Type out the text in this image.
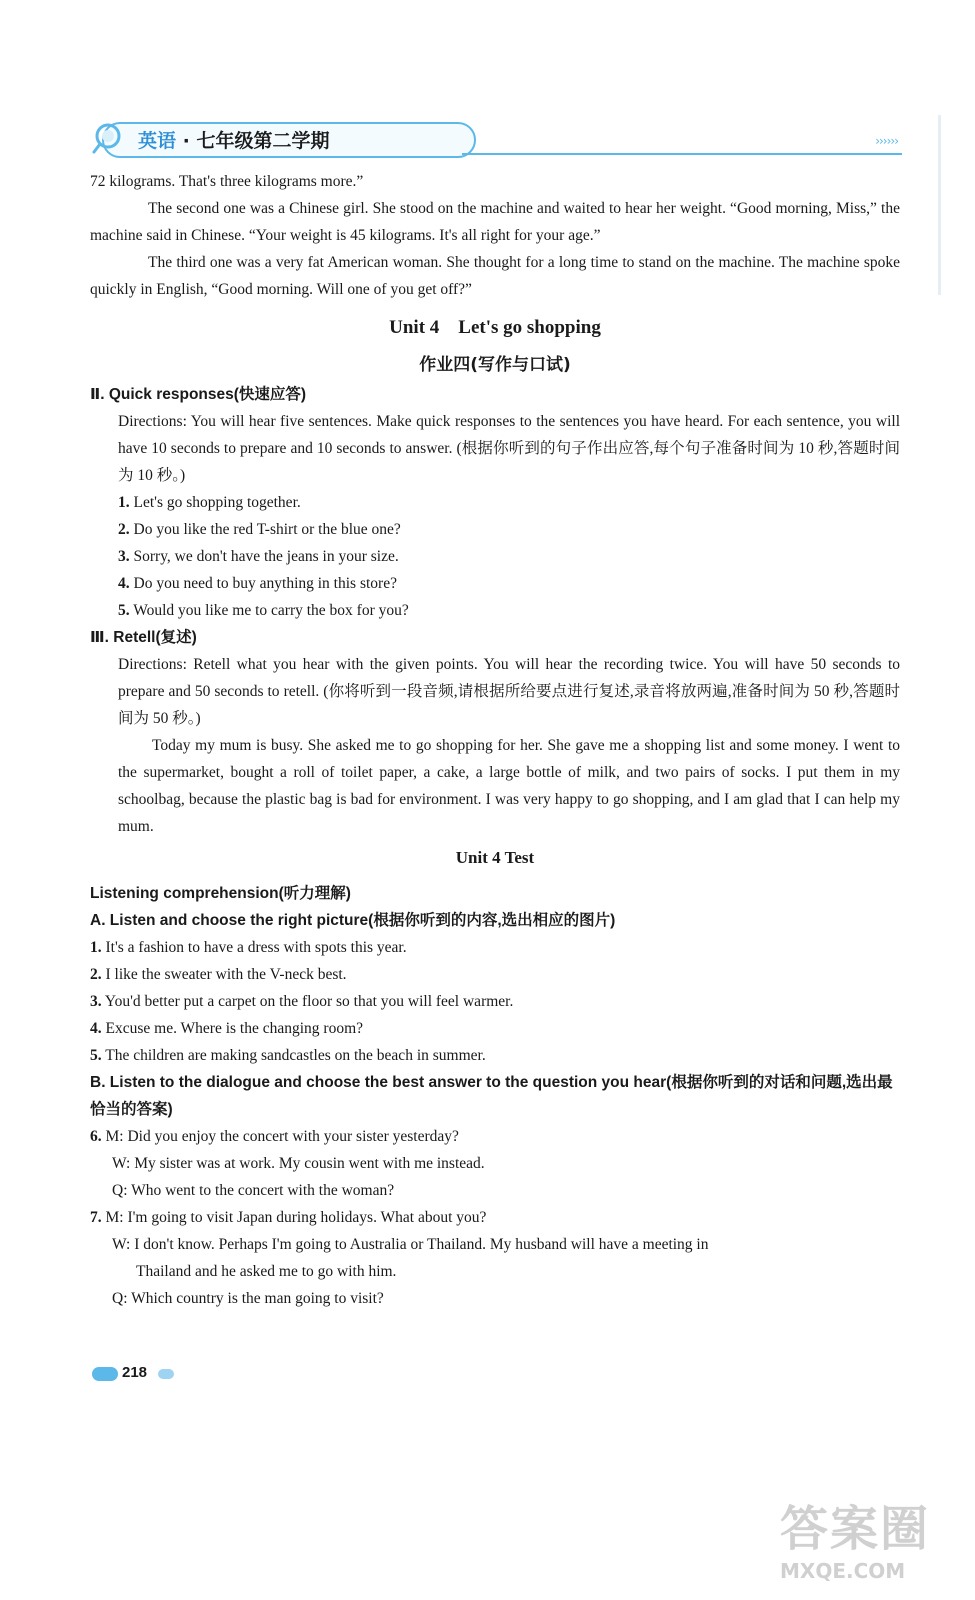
英语 · 七年级第二学期	››››››

72 kilograms. That's three kilograms more.”

The second one was a Chinese girl. She stood on the machine and waited to hear her weight. “Good morning, Miss,” the machine said in Chinese. “Your weight is 45 kilograms. It's all right for your age.”

The third one was a very fat American woman. She thought for a long time to stand on the machine. The machine spoke quickly in English, “Good morning. Will one of you get off?”

Unit 4    Let's go shopping
作业四(写作与口试)

Ⅱ. Quick responses(快速应答)

Directions: You will hear five sentences. Make quick responses to the sentences you have heard. For each sentence, you will have 10 seconds to prepare and 10 seconds to answer. (根据你听到的句子作出应答,每个句子准备时间为 10 秒,答题时间为 10 秒。)

1. Let's go shopping together.

2. Do you like the red T-shirt or the blue one?

3. Sorry, we don't have the jeans in your size.

4. Do you need to buy anything in this store?

5. Would you like me to carry the box for you?

Ⅲ. Retell(复述)

Directions: Retell what you hear with the given points. You will hear the recording twice. You will have 50 seconds to prepare and 50 seconds to retell. (你将听到一段音频,请根据所给要点进行复述,录音将放两遍,准备时间为 50 秒,答题时间为 50 秒。)

Today my mum is busy. She asked me to go shopping for her. She gave me a shopping list and some money. I went to the supermarket, bought a roll of toilet paper, a cake, a large bottle of milk, and two pairs of socks. I put them in my schoolbag, because the plastic bag is bad for environment. I was very happy to go shopping, and I am glad that I can help my mum.

Unit 4 Test

Listening comprehension(听力理解)

A. Listen and choose the right picture(根据你听到的内容,选出相应的图片)

1. It's a fashion to have a dress with spots this year.

2. I like the sweater with the V-neck best.

3. You'd better put a carpet on the floor so that you will feel warmer.

4. Excuse me. Where is the changing room?

5. The children are making sandcastles on the beach in summer.

B. Listen to the dialogue and choose the best answer to the question you hear(根据你听到的对话和问题,选出最恰当的答案)

6. M: Did you enjoy the concert with your sister yesterday?

W: My sister was at work. My cousin went with me instead.

Q: Who went to the concert with the woman?

7. M: I'm going to visit Japan during holidays. What about you?

W: I don't know. Perhaps I'm going to Australia or Thailand. My husband will have a meeting in

Thailand and he asked me to go with him.

Q: Which country is the man going to visit?

218
答案圈
MXQE.COM
